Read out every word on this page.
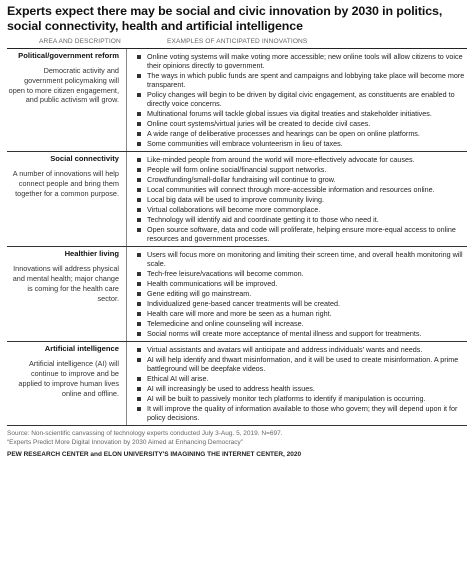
Experts expect there may be social and civic innovation by 2030 in politics, social connectivity, health and artificial intelligence
AREA AND DESCRIPTION	EXAMPLES OF ANTICIPATED INNOVATIONS
Political/government reform
Democratic activity and government policymaking will open to more citizen engagement, and public activism will grow.
Online voting systems will make voting more accessible; new online tools will allow citizens to voice their opinions directly to government.
The ways in which public funds are spent and campaigns and lobbying take place will become more transparent.
Policy changes will begin to be driven by digital civic engagement, as constituents are enabled to directly voice concerns.
Multinational forums will tackle global issues via digital treaties and stakeholder initiatives.
Online court systems/virtual juries will be created to decide civil cases.
A wide range of deliberative processes and hearings can be open on online platforms.
Some communities will embrace volunteerism in lieu of taxes.
Social connectivity
A number of innovations will help connect people and bring them together for a common purpose.
Like-minded people from around the world will more-effectively advocate for causes.
People will form online social/financial support networks.
Crowdfunding/small-dollar fundraising will continue to grow.
Local communities will connect through more-accessible information and resources online.
Local big data will be used to improve community living.
Virtual collaborations will become more commonplace.
Technology will identify aid and coordinate getting it to those who need it.
Open source software, data and code will proliferate, helping ensure more-equal access to online resources and government processes.
Healthier living
Innovations will address physical and mental health; major change is coming for the health care sector.
Users will focus more on monitoring and limiting their screen time, and overall health monitoring will scale.
Tech-free leisure/vacations will become common.
Health communications will be improved.
Gene editing will go mainstream.
Individualized gene-based cancer treatments will be created.
Health care will more and more be seen as a human right.
Telemedicine and online counseling will increase.
Social norms will create more acceptance of mental illness and support for treatments.
Artificial intelligence
Artificial intelligence (AI) will continue to improve and be applied to improve human lives online and offline.
Virtual assistants and avatars will anticipate and address individuals' wants and needs.
AI will help identify and thwart misinformation, and it will be used to create misinformation. A prime battleground will be deepfake videos.
Ethical AI will arise.
AI will increasingly be used to address health issues.
AI will be built to passively monitor tech platforms to identify if manipulation is occurring.
It will improve the quality of information available to those who govern; they will depend upon it for policy decisions.
Source: Non-scientific canvassing of technology experts conducted July 3-Aug. 5, 2019. N=697.
“Experts Predict More Digital Innovation by 2030 Aimed at Enhancing Democracy”
PEW RESEARCH CENTER and ELON UNIVERSITY'S IMAGINING THE INTERNET CENTER, 2020
